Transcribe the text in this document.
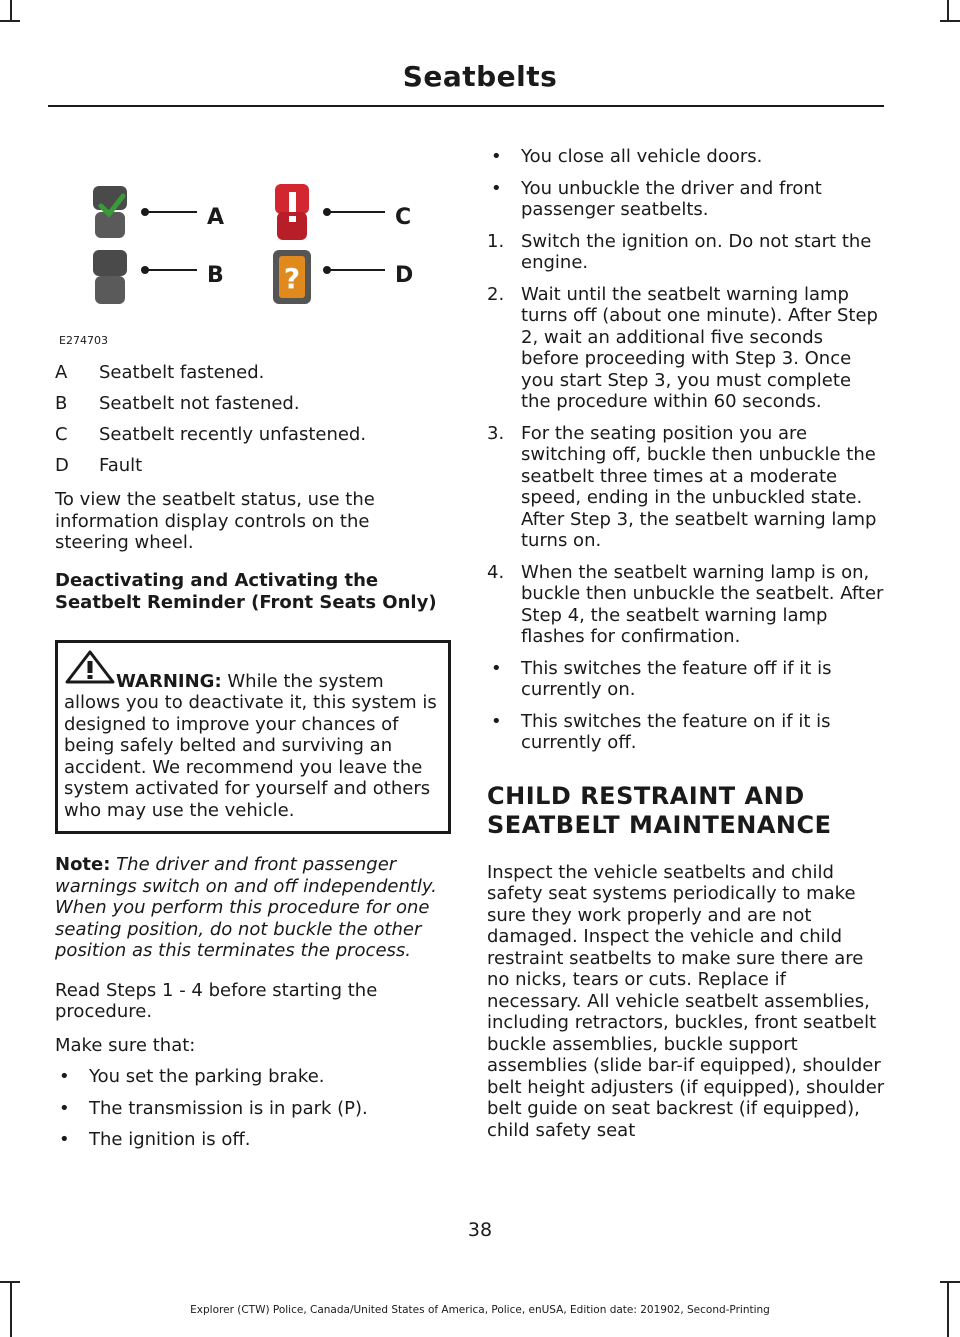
Seatbelts
A
B
C
?	D
E274703
A	Seatbelt fastened.
B	Seatbelt not fastened.
C	Seatbelt recently unfastened.
D	Fault

To view the seatbelt status, use the information display controls on the steering wheel.

Deactivating and Activating the Seatbelt Reminder (Front Seats Only)

WARNING: While the system allows you to deactivate it, this system is designed to improve your chances of being safely belted and surviving an accident. We recommend you leave the system activated for yourself and others who may use the vehicle.

Note: The driver and front passenger warnings switch on and off independently. When you perform this procedure for one seating position, do not buckle the other position as this terminates the process.

Read Steps 1 - 4 before starting the procedure.

Make sure that:

• You set the parking brake.
• The transmission is in park (P).
• The ignition is off.
• You close all vehicle doors.
• You unbuckle the driver and front passenger seatbelts.
1. Switch the ignition on. Do not start the engine.
2. Wait until the seatbelt warning lamp turns off (about one minute). After Step 2, wait an additional five seconds before proceeding with Step 3. Once you start Step 3, you must complete the procedure within 60 seconds.
3. For the seating position you are switching off, buckle then unbuckle the seatbelt three times at a moderate speed, ending in the unbuckled state. After Step 3, the seatbelt warning lamp turns on.
4. When the seatbelt warning lamp is on, buckle then unbuckle the seatbelt. After Step 4, the seatbelt warning lamp flashes for confirmation.
• This switches the feature off if it is currently on.
• This switches the feature on if it is currently off.
CHILD RESTRAINT AND SEATBELT MAINTENANCE

Inspect the vehicle seatbelts and child safety seat systems periodically to make sure they work properly and are not damaged. Inspect the vehicle and child restraint seatbelts to make sure there are no nicks, tears or cuts. Replace if necessary. All vehicle seatbelt assemblies, including retractors, buckles, front seatbelt buckle assemblies, buckle support assemblies (slide bar-if equipped), shoulder belt height adjusters (if equipped), shoulder belt guide on seat backrest (if equipped), child safety seat

38
Explorer (CTW) Police, Canada/United States of America, Police, enUSA, Edition date: 201902, Second-Printing
